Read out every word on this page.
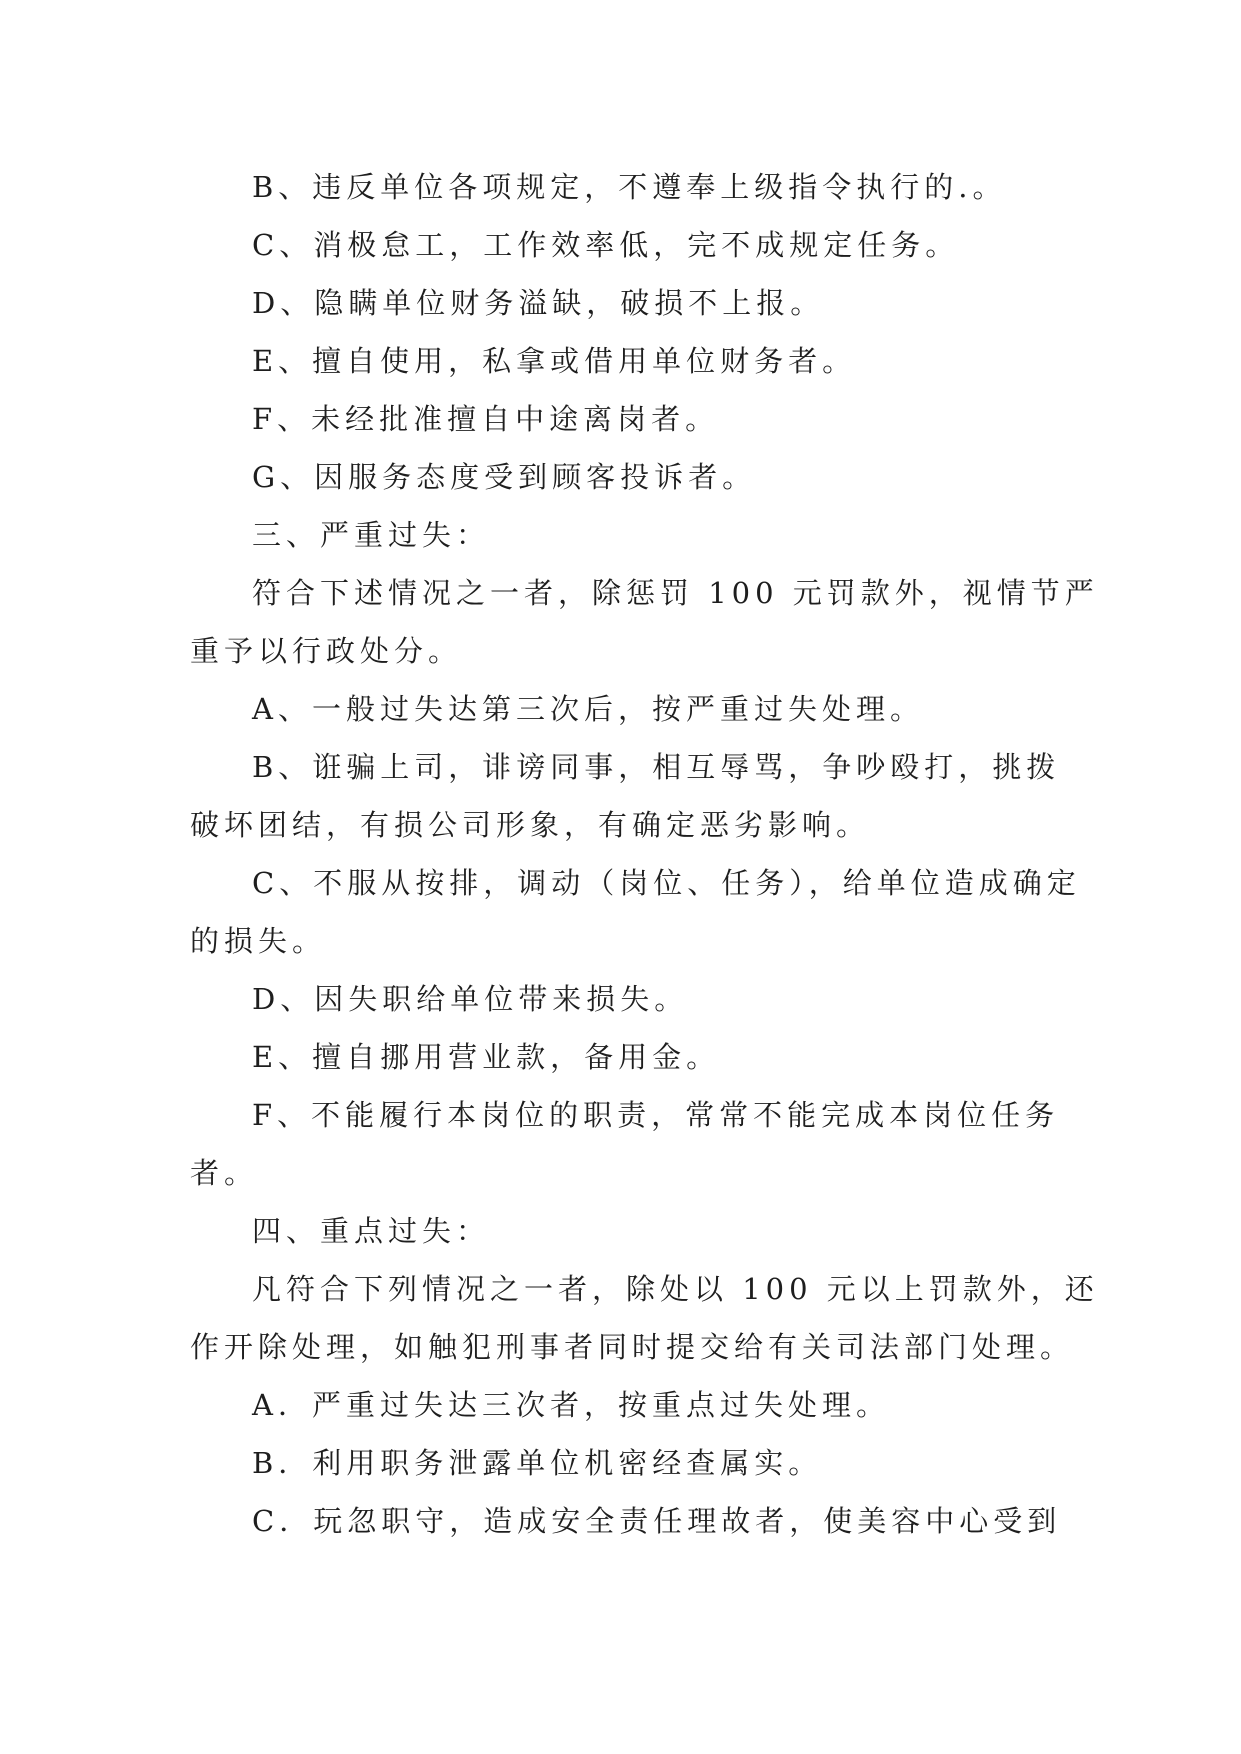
B、违反单位各项规定，不遵奉上级指令执行的.。
C、消极怠工，工作效率低，完不成规定任务。
D、隐瞒单位财务溢缺，破损不上报。
E、擅自使用，私拿或借用单位财务者。
F、未经批准擅自中途离岗者。
G、因服务态度受到顾客投诉者。
三、严重过失：
符合下述情况之一者，除惩罚 100 元罚款外，视情节严
重予以行政处分。
A、一般过失达第三次后，按严重过失处理。
B、诳骗上司，诽谤同事，相互辱骂，争吵殴打，挑拨
破坏团结，有损公司形象，有确定恶劣影响。
C、不服从按排，调动（岗位、任务），给单位造成确定
的损失。
D、因失职给单位带来损失。
E、擅自挪用营业款，备用金。
F、不能履行本岗位的职责，常常不能完成本岗位任务
者。
四、重点过失：
凡符合下列情况之一者，除处以 100 元以上罚款外，还
作开除处理，如触犯刑事者同时提交给有关司法部门处理。
A．严重过失达三次者，按重点过失处理。
B．利用职务泄露单位机密经查属实。
C．玩忽职守，造成安全责任理故者，使美容中心受到
